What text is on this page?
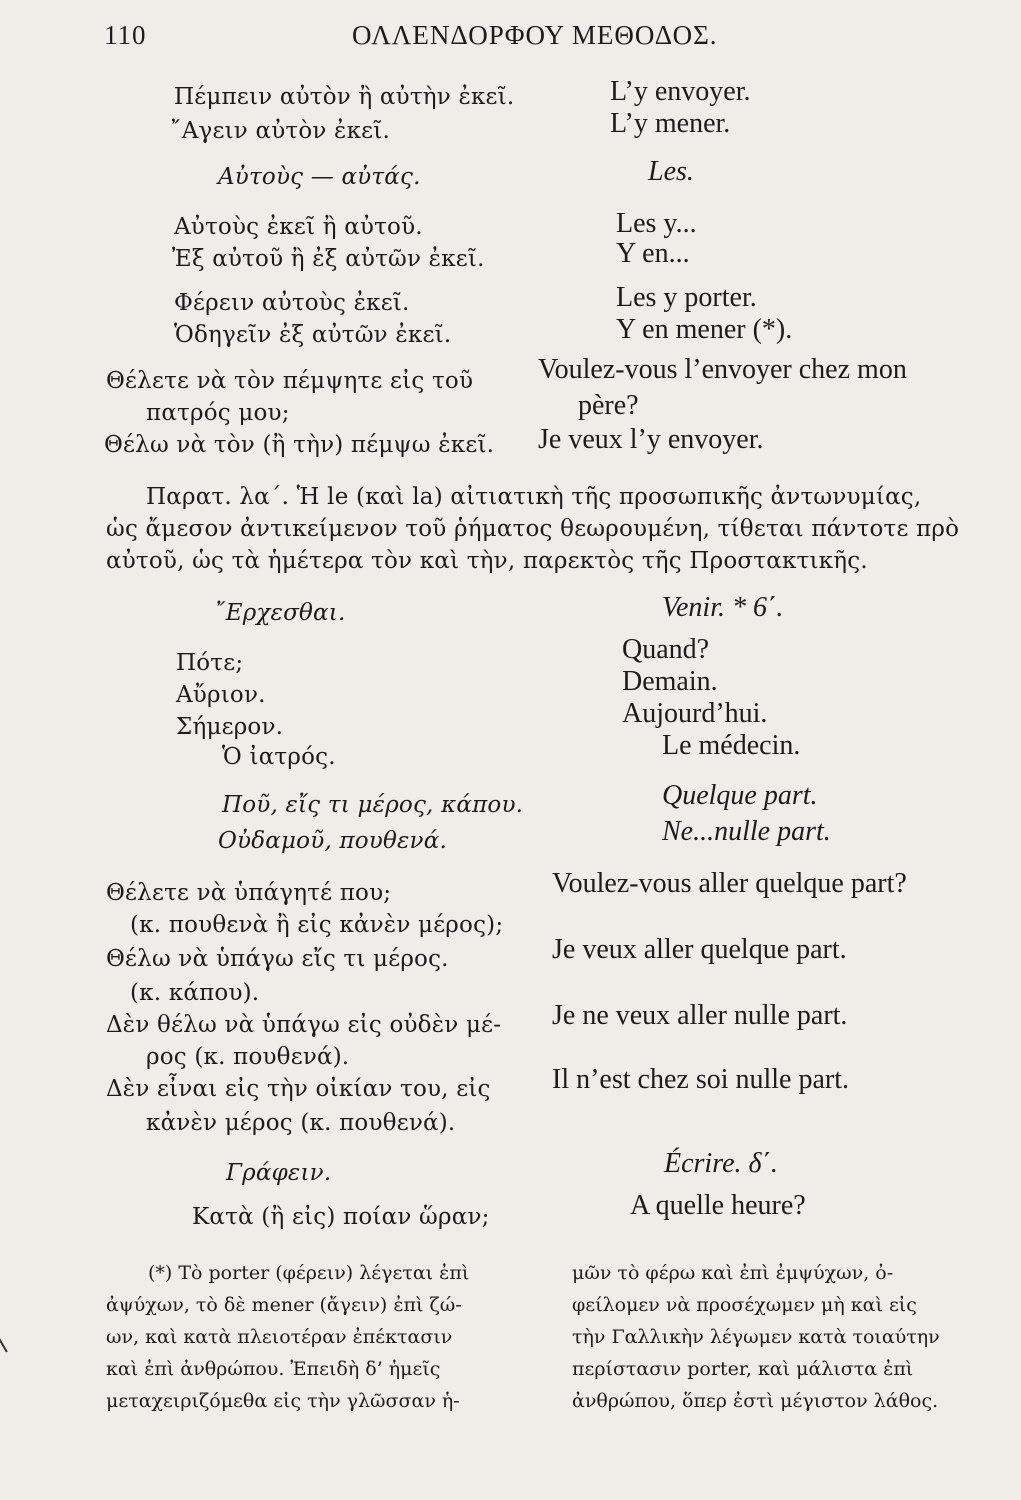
110	ΟΛΛΕΝΔΟΡΦΟΥ ΜΕΘΟΔΟΣ.
Πέμπειν αὐτὸν ἢ αὐτὴν ἐκεῖ.	L’y envoyer.
῎Αγειν αὐτὸν ἐκεῖ.	L’y mener.
Αὐτοὺς — αὐτάς.	Les.
Αὐτοὺς ἐκεῖ ἢ αὐτοῦ.	Les y...
Ἐξ αὐτοῦ ἢ ἐξ αὐτῶν ἐκεῖ.	Y en...
Φέρειν αὐτοὺς ἐκεῖ.	Les y porter.
Ὁδηγεῖν ἐξ αὐτῶν ἐκεῖ.	Y en mener (*).
Θέλετε νὰ τὸν πέμψητε εἰς τοῦ Voulez-vous l’envoyer chez mon
πατρός μου;	père?
Θέλω νὰ τὸν (ἢ τὴν) πέμψω ἐκεῖ. Je veux l’y envoyer.
Παρατ. λα΄. Ἡ le (καὶ la) αἰτιατικὴ τῆς προσωπικῆς ἀντωνυμίας,
ὡς ἄμεσον ἀντικείμενον τοῦ ῥήματος θεωρουμένη, τίθεται πάντοτε πρὸ
αὐτοῦ, ὡς τὰ ἡμέτερα τὸν καὶ τὴν, παρεκτὸς τῆς Προστακτικῆς.
῎Ερχεσθαι.	Venir. * 6΄.
Πότε;	Quand?
Αὔριον.	Demain.
Σήμερον.	Aujourd’hui.
Ὁ ἰατρός.	Le médecin.
Ποῦ, εἴς τι μέρος, κάπου.	Quelque part.
Οὐδαμοῦ, πουθενά.	Ne...nulle part.
Θέλετε νὰ ὑπάγητέ που;
(κ. πουθενὰ ἢ εἰς κἀνὲν μέρος);
Voulez-vous aller quelque part?
Θέλω νὰ ὑπάγω εἴς τι μέρος.
(κ. κάπου).
Je veux aller quelque part.
Δὲν θέλω νὰ ὑπάγω εἰς οὐδὲν μέ-
ρος (κ. πουθενά).
Je ne veux aller nulle part.
Δὲν εἶναι εἰς τὴν οἰκίαν του, εἰς
κἀνὲν μέρος (κ. πουθενά).
Il n’est chez soi nulle part.
Γράφειν.	Écrire. δ΄.
Κατὰ (ἢ εἰς) ποίαν ὥραν;	A quelle heure?
(*) Τὸ porter (φέρειν) λέγεται ἐπὶ
ἀψύχων, τὸ δὲ mener (ἄγειν) ἐπὶ ζώ-
ων, καὶ κατὰ πλειοτέραν ἐπέκτασιν
καὶ ἐπὶ ἀνθρώπου. Ἐπειδὴ δ’ ἡμεῖς
μεταχειριζόμεθα εἰς τὴν γλῶσσαν ἡ-
μῶν τὸ φέρω καὶ ἐπὶ ἐμψύχων, ὀ-
φείλομεν νὰ προσέχωμεν μὴ καὶ εἰς
τὴν Γαλλικὴν λέγωμεν κατὰ τοιαύτην
περίστασιν porter, καὶ μάλιστα ἐπὶ
ἀνθρώπου, ὅπερ ἐστὶ μέγιστον λάθος.
